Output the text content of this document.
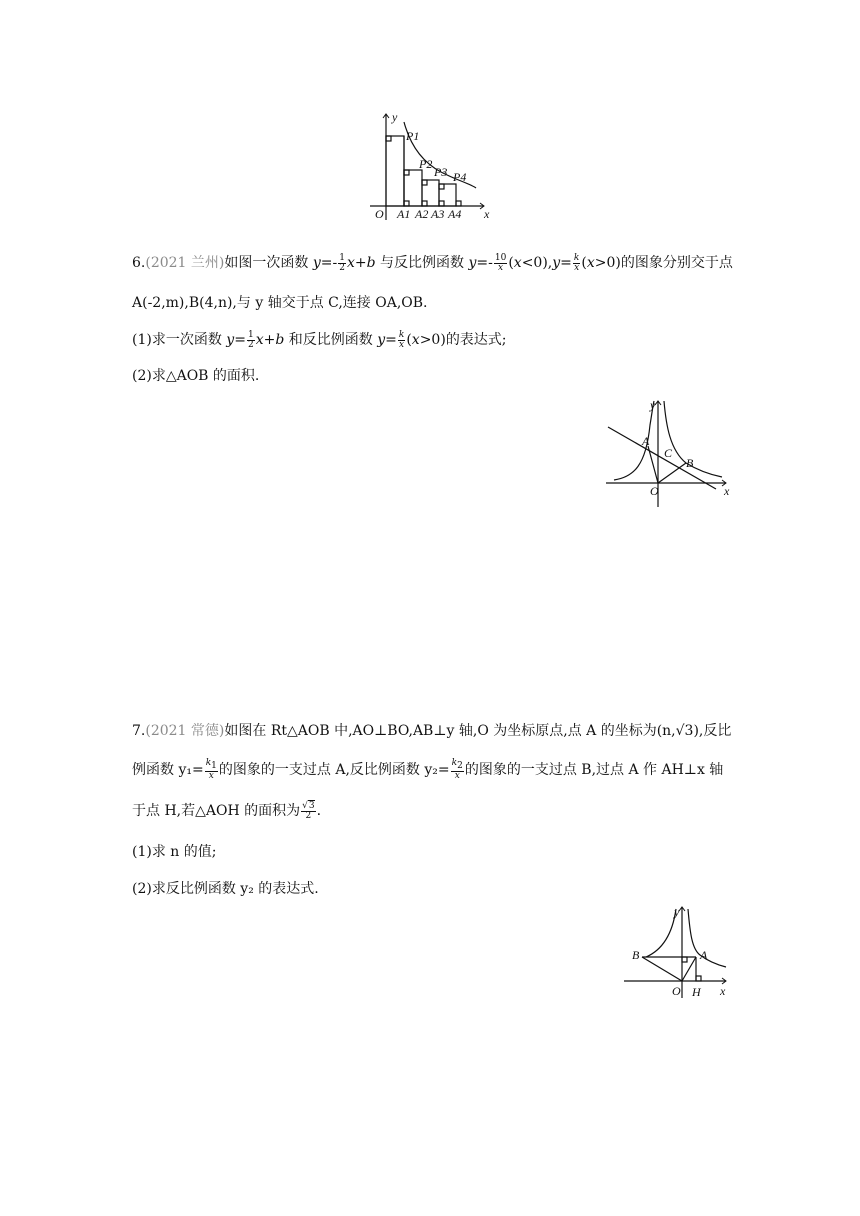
y
O	x
P1
P2
P3 P4
A1 A2 A3 A4
6.(2021 兰州)如图一次函数 $y=- \frac{1}{2} x+b$ 与反比例函数 $y=- \frac{10}{x} (x<0),y= \frac{k}{x} (x>0)$的图象分别交于点
A(-2,m),B(4,n),与 y 轴交于点 C,连接 OA,OB.
(1)求一次函数 $y= \frac{1}{2} x+b$ 和反比例函数 $y= \frac{k}{x} (x>0)$的表达式;
(2)求△AOB 的面积.
y
A
C
B
O	x
7.(2021 常德)如图在 Rt△AOB 中,AO⊥BO,AB⊥y 轴,O 为坐标原点,点 A 的坐标为(n,√3),反比
例函数 $y_1= \frac{k_1}{x}$ 的图象的一支过点 A,反比例函数 $y_2= \frac{k_2}{x}$ 的图象的一支过点 B,过点 A 作 AH⊥x 轴
于点 H,若△AOH 的面积为 $\frac{√3}{2}$ .
(1)求 n 的值;
(2)求反比例函数 y₂ 的表达式.
y
B	A
O H x
